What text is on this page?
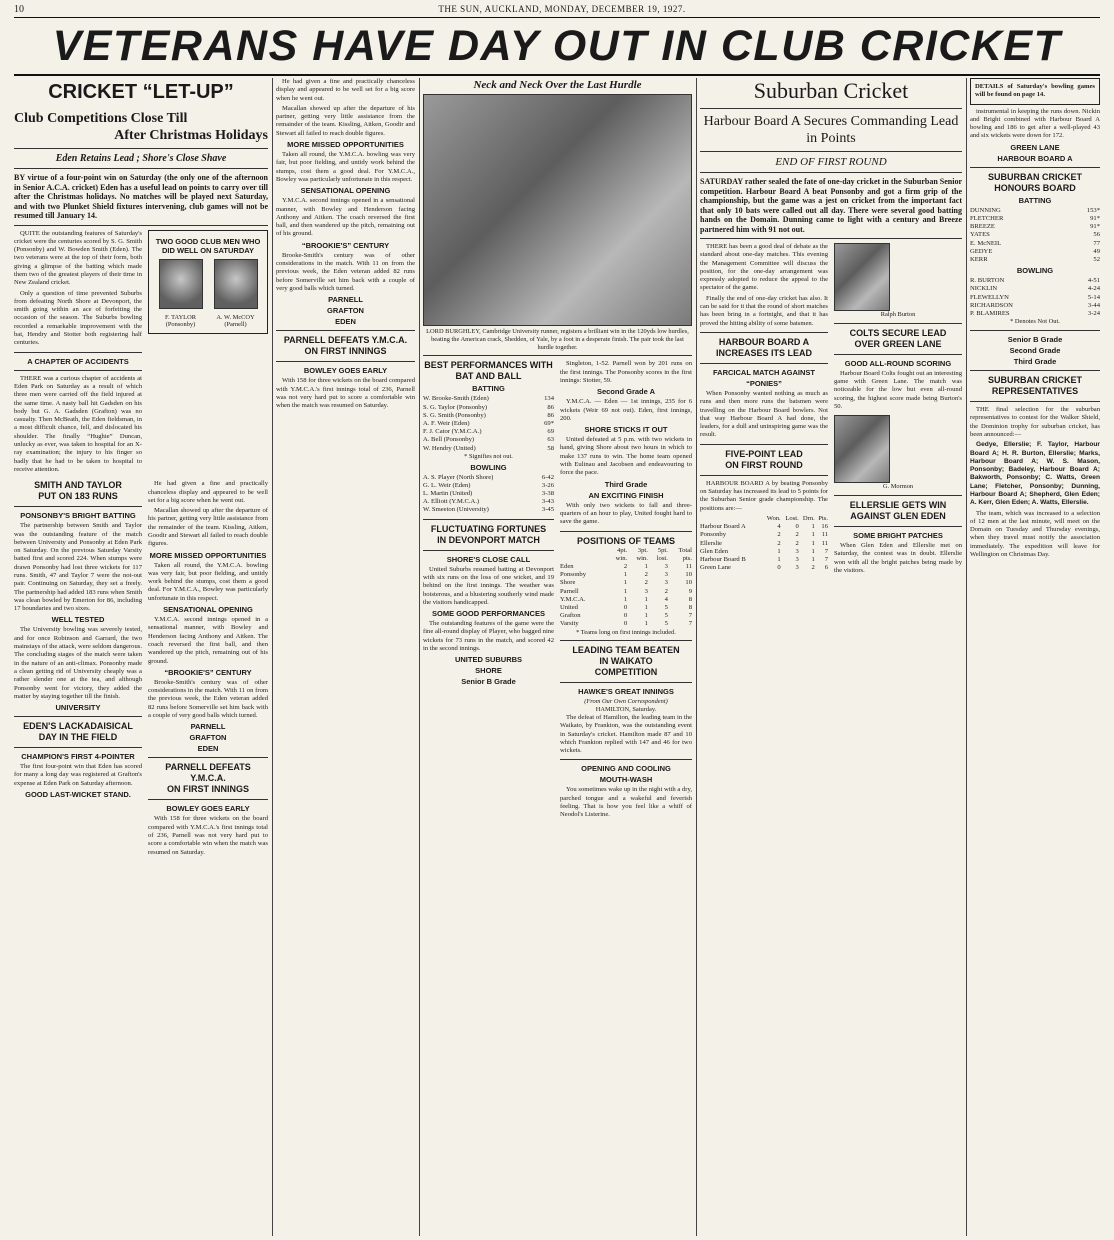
10	THE SUN, AUCKLAND, MONDAY, DECEMBER 19, 1927.
VETERANS HAVE DAY OUT IN CLUB CRICKET
CRICKET “LET-UP”
Club Competitions Close Till
After Christmas Holidays
Eden Retains Lead ; Shore's Close Shave
BY virtue of a four-point win on Saturday (the only one of the afternoon in Senior A.C.A. cricket) Eden has a useful lead on points to carry over till after the Christmas holidays. No matches will be played next Saturday, and with two Plunket Shield fixtures intervening, club games will not be resumed till January 14.

QUITE the outstanding features of Saturday's cricket were the centuries scored by S. G. Smith (Ponsonby) and W. Bowden Smith (Eden). The two veterans were at the top of their form, both giving a glimpse of the batting which made them two of the greatest players of their time in New Zealand cricket.

Only a question of time prevented Suburbs from defeating North Shore at Devonport, the smith going within an ace of forfeiting the occasion of the season. The Suburbs bowling recorded a remarkable improvement with the bat, Hendry and Stotter both registering half centuries.

A CHAPTER OF ACCIDENTS

THERE was a curious chapter of accidents at Eden Park on Saturday as a result of which three men were carried off the field injured at the same time. A nasty ball hit Gadsden on his body but G. A. Gadsden (Grafton) was no casualty. Then McBeath, the Eden fieldsman, in a most difficult chance, fell, and dislocated his shoulder. The finally “Hughie” Duncan, unlucky as ever, was taken to hospital for an X-ray examination; the injury to his finger so badly that he had to be taken to hospital to receive attention.

TWO GOOD CLUB MEN WHO DID WELL ON SATURDAY
F. TAYLOR
(Ponsonby)
A. W. McCOY
(Parnell)
SMITH AND TAYLOR
PUT ON 183 RUNS
PONSONBY'S BRIGHT BATTING

The partnership between Smith and Taylor was the outstanding feature of the match between University and Ponsonby at Eden Park on Saturday. On the previous Saturday Varsity batted first and scored 224. When stumps were drawn Ponsonby had lost three wickets for 117 runs. Smith, 47 and Taylor 7 were the not-out pair. Continuing on Saturday, they set a freely. The partnership had added 183 runs when Smith was clean bowled by Emerton for 86, including 17 boundaries and two sixes.

WELL TESTED

The University bowling was severely tested, and for once Robinson and Garrard, the two mainstays of the attack, were seldom dangerous. The concluding stages of the match were taken in the nature of an anti-climax. Ponsonby made a clean getting rid of University cheaply was a rather slender one at the tea, and although Ponsonby went for victory, they added the matter by staying together till the finish.

UNIVERSITY
EDEN'S LACKADAISICAL
DAY IN THE FIELD
CHAMPION'S FIRST 4-POINTER

The first four-point win that Eden has scored for many a long day was registered at Grafton's expense at Eden Park on Saturday afternoon.

GOOD LAST-WICKET STAND.

He had given a fine and practically chanceless display and appeared to be well set for a big score when he went out.

Macallan showed up after the departure of his partner, getting very little assistance from the remainder of the team. Kissling, Aitken, Goodir and Stewart all failed to reach double figures.

MORE MISSED OPPORTUNITIES

Taken all round, the Y.M.C.A. bowling was very fair, but poor fielding, and untidy work behind the stumps, cost them a good deal. For Y.M.C.A., Bowley was particularly unfortunate in this respect.

SENSATIONAL OPENING

Y.M.C.A. second innings opened in a sensational manner, with Bowley and Henderson facing Anthony and Aitken. The coach reversed the first ball, and then wandered up the pitch, remaining out of his ground.

“BROOKIE'S” CENTURY

Brooke-Smith's century was of other considerations in the match. With 11 on from the previous week, the Eden veteran added 82 runs before Somerville set him back with a couple of very good balls which turned.

PARNELL
GRAFTON
EDEN
PARNELL DEFEATS Y.M.C.A.
ON FIRST INNINGS
BOWLEY GOES EARLY

With 158 for three wickets on the board compared with Y.M.C.A.'s first innings total of 236, Parnell was not very hard put to score a comfortable win when the match was resumed on Saturday.

He had given a fine and practically chanceless display and appeared to be well set for a big score when he went out.

Macallan showed up after the departure of his partner, getting very little assistance from the remainder of the team. Kissling, Aitken, Goodir and Stewart all failed to reach double figures.

MORE MISSED OPPORTUNITIES

Taken all round, the Y.M.C.A. bowling was very fair, but poor fielding, and untidy work behind the stumps, cost them a good deal. For Y.M.C.A., Bowley was particularly unfortunate in this respect.

SENSATIONAL OPENING

Y.M.C.A. second innings opened in a sensational manner, with Bowley and Henderson facing Anthony and Aitken. The coach reversed the first ball, and then wandered up the pitch, remaining out of his ground.

“BROOKIE'S” CENTURY

Brooke-Smith's century was of other considerations in the match. With 11 on from the previous week, the Eden veteran added 82 runs before Somerville set him back with a couple of very good balls which turned.

PARNELL
GRAFTON
EDEN
PARNELL DEFEATS Y.M.C.A.
ON FIRST INNINGS
BOWLEY GOES EARLY

With 158 for three wickets on the board compared with Y.M.C.A.'s first innings total of 236, Parnell was not very hard put to score a comfortable win when the match was resumed on Saturday.

Neck and Neck Over the Last Hurdle
LORD BURGHLEY, Cambridge University runner, registers a brilliant win in the 120yds low hurdles, beating the American crack, Shedden, of Yale, by a foot in a desperate finish. The pair took the last hurdle together.
BEST PERFORMANCES WITH BAT AND BALL
BATTING
W. Brooke-Smith (Eden)	134
S. G. Taylor (Ponsonby)	86
S. G. Smith (Ponsonby)	86
A. F. Weir (Eden)	69*
F. J. Cator (Y.M.C.A.)	69
A. Bell (Ponsonby)	63
W. Hendry (United)	58
* Signifies not out.
BOWLING
A. S. Player (North Shore)	6-42
G. L. Weir (Eden)	3-26
L. Martin (United)	3-38
A. Elliott (Y.M.C.A.)	3-43
W. Smeeton (University)	3-45
FLUCTUATING FORTUNES
IN DEVONPORT MATCH
SHORE'S CLOSE CALL

United Suburbs resumed batting at Devonport with six runs on the loss of one wicket, and 19 behind on the first innings. The weather was boisterous, and a blustering southerly wind made the visitors handicapped.

SOME GOOD PERFORMANCES

The outstanding features of the game were the fine all-round display of Player, who bagged nine wickets for 73 runs in the match, and scored 42 in the second innings.

UNITED SUBURBS
SHORE
Senior B Grade

Singleton, 1-52. Parnell won by 201 runs on the first innings. The Ponsonby scores in the first innings: Stotter, 59.

Second Grade A

Y.M.C.A. — Eden — 1st innings, 235 for 6 wickets (Weir 69 not out). Eden, first innings, 200.

SHORE STICKS IT OUT

United defeated at 5 p.m. with two wickets in hand, giving Shore about two hours in which to make 137 runs to win. The home team opened with Eulinau and Jacobsen and endeavouring to force the pace.

Third Grade
AN EXCITING FINISH

With only two wickets to fall and three-quarters of an hour to play, United fought hard to save the game.

POSITIONS OF TEAMS
	4pt.	3pt.	5pt.	Total
	win.	win.	lost.	pts.
Eden	2	1	3	11
Ponsonby	1	2	3	10
Shore	1	2	3	10
Parnell	1	3	2	9
Y.M.C.A.	1	1	4	8
United	0	1	5	8
Grafton	0	1	5	7
Varsity	0	1	5	7
* Teams long on first innings included.
LEADING TEAM BEATEN
IN WAIKATO
COMPETITION
HAWKE'S GREAT INNINGS
(From Our Own Correspondent)
HAMILTON, Saturday.

The defeat of Hamilton, the leading team in the Waikato, by Frankton, was the outstanding event in Saturday's cricket. Hamilton made 87 and 10 which Frankton replied with 147 and 46 for two wickets.

OPENING AND COOLING
MOUTH-WASH

You sometimes wake up in the night with a dry, parched tongue and a wakeful and feverish feeling. That is how you feel like a whiff of Neodol's Listerine.

Suburban Cricket
Harbour Board A Secures Commanding Lead in Points
END OF FIRST ROUND
SATURDAY rather sealed the fate of one-day cricket in the Suburban Senior competition. Harbour Board A beat Ponsonby and got a firm grip of the championship, but the game was a jest on cricket from the important fact that only 10 bats were called out all day. There were several good batting hands on the Domain. Dunning came to light with a century and Breeze partnered him with 91 not out.

THERE has been a good deal of debate as the standard about one-day matches. This evening the Management Committee will discuss the position, for the one-day arrangement was expressly adopted to reduce the appeal to the spectator of the game.

Finally the end of one-day cricket has also. It can be said for it that the round of short matches has been bring in a fortnight, and that it has proved the hitting ability of some batsmen.

HARBOUR BOARD A
INCREASES ITS LEAD
FARCICAL MATCH AGAINST
“PONIES”

When Ponsonby wanted nothing as much as runs and then more runs the batsmen were travelling on the Harbour Board bowlers. Not that way Harbour Board A had done, the leaders, for a dull and uninspiring game was the result.

FIVE-POINT LEAD
ON FIRST ROUND

HARBOUR BOARD A by beating Ponsonby on Saturday has increased its lead to 5 points for the Suburban Senior grade championship. The positions are:—

	Won.	Lost.	Drn.	Pts.
Harbour Board A	4	0	1	16
Ponsonby	2	2	1	11
Ellerslie	2	2	1	11
Glen Eden	1	3	1	7
Harbour Board B	1	3	1	7
Green Lane	0	3	2	6
Ralph Burton
COLTS SECURE LEAD
OVER GREEN LANE
GOOD ALL-ROUND SCORING

Harbour Board Colts fought out an interesting game with Green Lane. The match was noticeable for the low but even all-round scoring, the highest score made being Burton's 50.

G. Mormon
ELLERSLIE GETS WIN
AGAINST GLEN EDEN
SOME BRIGHT PATCHES

When Glen Eden and Ellerslie met on Saturday, the contest was in doubt. Ellerslie won with all the bright patches being made by the visitors.

DETAILS of Saturday's bowling games will be found on page 14.

instrumental in keeping the runs down. Nickin and Bright combined with Harbour Board A bowling and 186 to get after a well-played 43 and six wickets were down for 172.

GREEN LANE
HARBOUR BOARD A
SUBURBAN CRICKET
HONOURS BOARD
BATTING
DUNNING	153*
FLETCHER	91*
BREEZE	91*
YATES	56
E. McNEIL	77
GEDYE	49
KERR	52
BOWLING
R. BURTON	4-51
NICKLIN	4-24
FLEWELLYN	5-14
RICHARDSON	3-44
P. BLAMIRES	3-24
* Denotes Not Out.
Senior B Grade
Second Grade
Third Grade
SUBURBAN CRICKET
REPRESENTATIVES

THE final selection for the suburban representatives to contest for the Walker Shield, the Dominion trophy for suburban cricket, has been announced:—

Gedye, Ellerslie; F. Taylor, Harbour Board A; H. R. Burton, Ellerslie; Marks, Harbour Board A; W. S. Mason, Ponsonby; Badeley, Harbour Board A; Bakworth, Ponsonby; C. Watts, Green Lane; Fletcher, Ponsonby; Dunning, Harbour Board A; Shepherd, Glen Eden; A. Kerr, Glen Eden; A. Watts, Ellerslie.

The team, which was increased to a selection of 12 men at the last minute, will meet on the Domain on Tuesday and Thursday evenings, when they travel must notify the association immediately. The expedition will leave for Wellington on Christmas Day.
